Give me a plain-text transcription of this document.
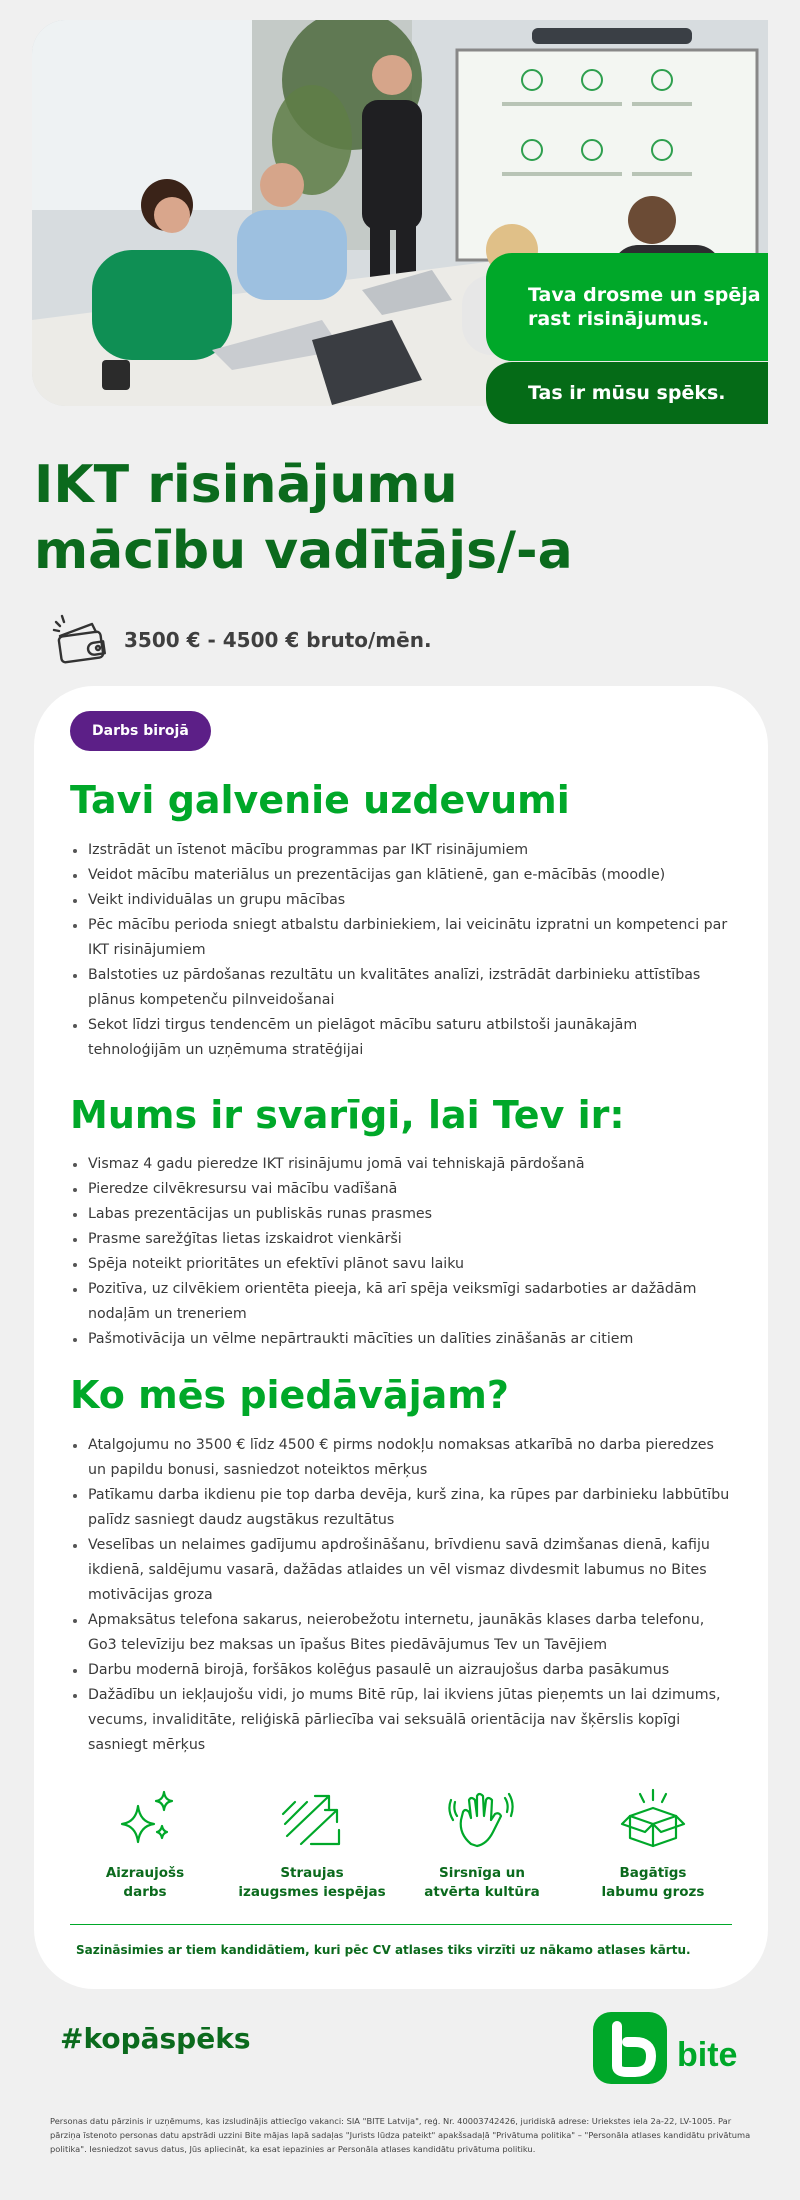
Tava drosme un spēja rast risinājumus.
Tas ir mūsu spēks.
IKT risinājumu
mācību vadītājs/-a
3500 € - 4500 € bruto/mēn.
Darbs birojā
Tavi galvenie uzdevumi
Izstrādāt un īstenot mācību programmas par IKT risinājumiem
Veidot mācību materiālus un prezentācijas gan klātienē, gan e-mācībās (moodle)
Veikt individuālas un grupu mācības
Pēc mācību perioda sniegt atbalstu darbiniekiem, lai veicinātu izpratni un kompetenci par IKT risinājumiem
Balstoties uz pārdošanas rezultātu un kvalitātes analīzi, izstrādāt darbinieku attīstības plānus kompetenču pilnveidošanai
Sekot līdzi tirgus tendencēm un pielāgot mācību saturu atbilstoši jaunākajām tehnoloģijām un uzņēmuma stratēģijai
Mums ir svarīgi, lai Tev ir:
Vismaz 4 gadu pieredze IKT risinājumu jomā vai tehniskajā pārdošanā
Pieredze cilvēkresursu vai mācību vadīšanā
Labas prezentācijas un publiskās runas prasmes
Prasme sarežģītas lietas izskaidrot vienkārši
Spēja noteikt prioritātes un efektīvi plānot savu laiku
Pozitīva, uz cilvēkiem orientēta pieeja, kā arī spēja veiksmīgi sadarboties ar dažādām nodaļām un treneriem
Pašmotivācija un vēlme nepārtraukti mācīties un dalīties zināšanās ar citiem
Ko mēs piedāvājam?
Atalgojumu no 3500 € līdz 4500 € pirms nodokļu nomaksas atkarībā no darba pieredzes un papildu bonusi, sasniedzot noteiktos mērķus
Patīkamu darba ikdienu pie top darba devēja, kurš zina, ka rūpes par darbinieku labbūtību palīdz sasniegt daudz augstākus rezultātus
Veselības un nelaimes gadījumu apdrošināšanu, brīvdienu savā dzimšanas dienā, kafiju ikdienā, saldējumu vasarā, dažādas atlaides un vēl vismaz divdesmit labumus no Bites motivācijas groza
Apmaksātus telefona sakarus, neierobežotu internetu, jaunākās klases darba telefonu, Go3 televīziju bez maksas un īpašus Bites piedāvājumus Tev un Tavējiem
Darbu modernā birojā, foršākos kolēģus pasaulē un aizraujošus darba pasākumus
Dažādību un iekļaujošu vidi, jo mums Bitē rūp, lai ikviens jūtas pieņemts un lai dzimums, vecums, invaliditāte, reliģiskā pārliecība vai seksuālā orientācija nav šķērslis kopīgi sasniegt mērķus
Aizraujošs
darbs
Straujas
izaugsmes iespējas
Sirsnīga un
atvērta kultūra
Bagātīgs
labumu grozs
Sazināsimies ar tiem kandidātiem, kuri pēc CV atlases tiks virzīti uz nākamo atlases kārtu.
#kopāspēks	bite
Personas datu pārzinis ir uzņēmums, kas izsludinājis attiecīgo vakanci: SIA "BITE Latvija", reģ. Nr. 40003742426, juridiskā adrese: Uriekstes iela 2a-22, LV-1005. Par pārziņa īstenoto personas datu apstrādi uzzini Bite mājas lapā sadaļas "Jurists lūdza pateikt" apakšsadaļā "Privātuma politika" – "Personāla atlases kandidātu privātuma politika". Iesniedzot savus datus, Jūs apliecināt, ka esat iepazinies ar Personāla atlases kandidātu privātuma politiku.
